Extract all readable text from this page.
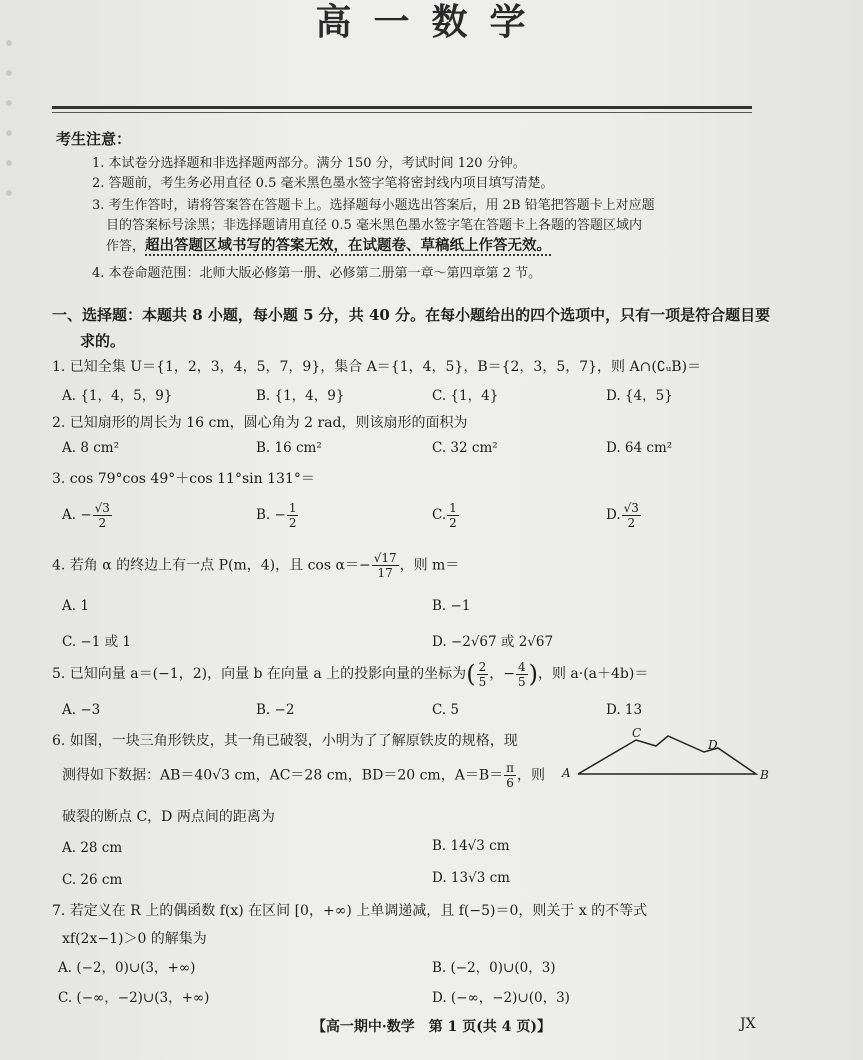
高一数学
考生注意：
1. 本试卷分选择题和非选择题两部分。满分 150 分，考试时间 120 分钟。
2. 答题前，考生务必用直径 0.5 毫米黑色墨水签字笔将密封线内项目填写清楚。
3. 考生作答时，请将答案答在答题卡上。选择题每小题选出答案后，用 2B 铅笔把答题卡上对应题
目的答案标号涂黑；非选择题请用直径 0.5 毫米黑色墨水签字笔在答题卡上各题的答题区域内
作答，超出答题区域书写的答案无效，在试题卷、草稿纸上作答无效。
4. 本卷命题范围：北师大版必修第一册、必修第二册第一章～第四章第 2 节。
一、选择题：本题共 8 小题，每小题 5 分，共 40 分。在每小题给出的四个选项中，只有一项是符合题目要
求的。
1. 已知全集 U＝{1，2，3，4，5，7，9}，集合 A＝{1，4，5}，B＝{2，3，5，7}，则 A∩(∁ᵤB)＝
A. {1，4，5，9}	B. {1，4，9}	C. {1，4}	D. {4，5}
2. 已知扇形的周长为 16 cm，圆心角为 2 rad，则该扇形的面积为
A. 8 cm²	B. 16 cm²	C. 32 cm²	D. 64 cm²
3. cos 79°cos 49°＋cos 11°sin 131°＝
A. − $\frac{√3}{2}$	B. − $\frac{1}{2}$	C. $\frac{1}{2}$	D. $\frac{√3}{2}$
4. 若角 α 的终边上有一点 P(m，4)，且 $\cos \alpha=- \frac{√17}{17}$ ，则 m＝
A. 1	B. −1
C. −1 或 1	D. −2√67 或 2√67
5. 已知向量 a＝(−1，2)，向量 b 在向量 a 上的投影向量的坐标为( $\frac{2}{5}$ ，− $\frac{4}{5}$ )，则 a·(a＋4b)＝
A. −3	B. −2	C. 5	D. 13
6. 如图，一块三角形铁皮，其一角已破裂，小明为了了解原铁皮的规格，现
测得如下数据：AB＝40√3 cm，AC＝28 cm，BD＝20 cm，$A=B= \frac{\pi}{6}$ ，则
破裂的断点 C，D 两点间的距离为
A	B
C
D
A. 28 cm	B. 14√3 cm
C. 26 cm	D. 13√3 cm
7. 若定义在 R 上的偶函数 f(x) 在区间 [0，+∞) 上单调递减，且 f(−5)＝0，则关于 x 的不等式
xf(2x−1)＞0 的解集为
A. (−2，0)∪(3，+∞)	B. (−2，0)∪(0，3)
C. (−∞，−2)∪(3，+∞)	D. (−∞，−2)∪(0，3)
【高一期中·数学　第 1 页(共 4 页)】	JX
